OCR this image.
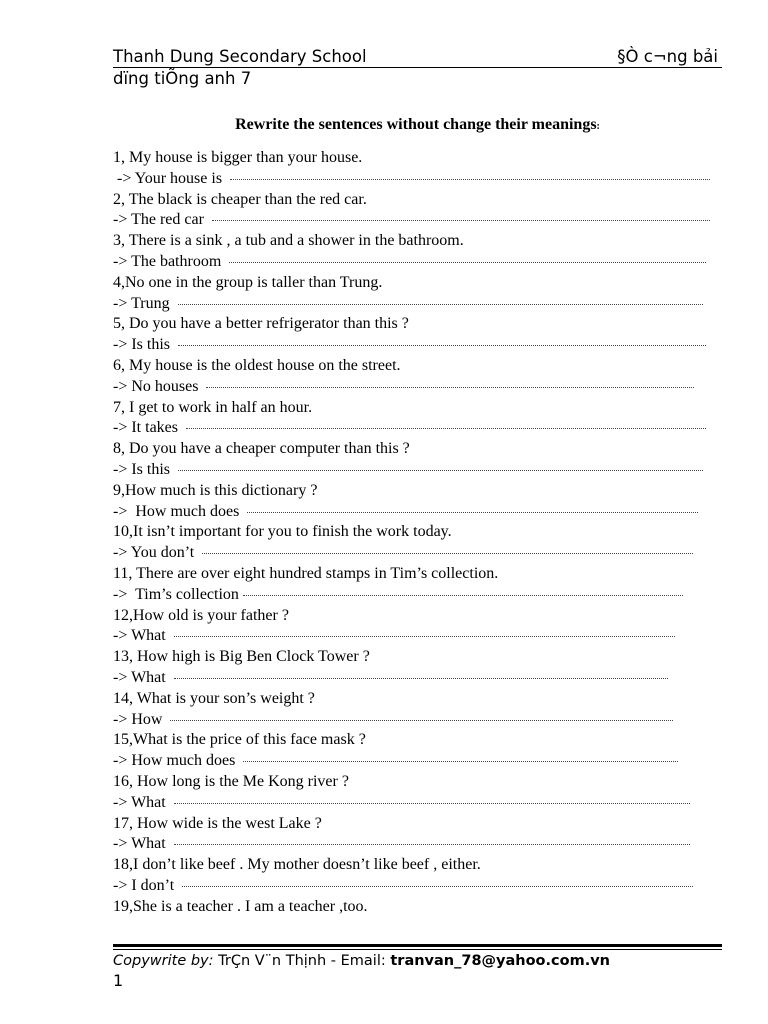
Thanh Dung Secondary School	§Ò c¬ng bải
dïng tiÕng anh 7
Rewrite the sentences without change their meanings:
1, My house is bigger than your house.
-> Your house is
2, The black is cheaper than the red car.
-> The red car
3, There is a sink , a tub and a shower in the bathroom.
-> The bathroom
4,No one in the group is taller than Trung.
-> Trung
5, Do you have a better refrigerator than this ?
-> Is this
6, My house is the oldest house on the street.
-> No houses
7, I get to work in half an hour.
-> It takes
8, Do you have a cheaper computer than this ?
-> Is this
9,How much is this dictionary ?
->  How much does
10,It isn’t important for you to finish the work today.
-> You don’t
11, There are over eight hundred stamps in Tim’s collection.
->  Tim’s collection
12,How old is your father ?
-> What
13, How high is Big Ben Clock Tower ?
-> What
14, What is your son’s weight ?
-> How
15,What is the price of this face mask ?
-> How much does
16, How long is the Me Kong river ?
-> What
17, How wide is the west Lake ?
-> What
18,I don’t like beef . My mother doesn’t like beef , either.
-> I don’t
19,She is a teacher . I am a teacher ,too.
Copywrite by: TrÇn V¨n Thịnh - Email: tranvan_78@yahoo.com.vn
1
